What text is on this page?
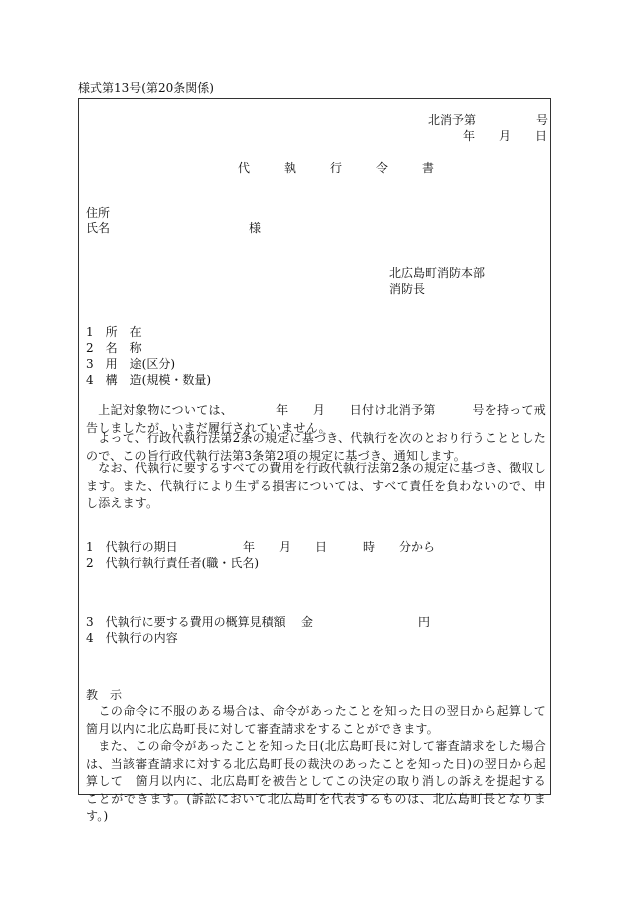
様式第13号(第20条関係)
北消予第　　　　　号
年　　月　　日
代	執	行	令	書
住所
氏名	様
北広島町消防本部
消防長
1　所　在
2　名　称
3　用　途(区分)
4　構　造(規模・数量)
　上記対象物については、　　　　年　　月　　日付け北消予第　　　号を持って戒告しましたが、いまだ履行されていません。
　よって、行政代執行法第2条の規定に基づき、代執行を次のとおり行うこととしたので、この旨行政代執行法第3条第2項の規定に基づき、通知します。
　なお、代執行に要するすべての費用を行政代執行法第2条の規定に基づき、徴収します。また、代執行により生ずる損害については、すべて責任を負わないので、申し添えます。
1　代執行の期日	年　　月　　日　　　時　　分から
2　代執行執行責任者(職・氏名)
3　代執行に要する費用の概算見積額 金	円
4　代執行の内容
教　示
　この命令に不服のある場合は、命令があったことを知った日の翌日から起算して　箇月以内に北広島町長に対して審査請求をすることができます。
　また、この命令があったことを知った日(北広島町長に対して審査請求をした場合は、当該審査請求に対する北広島町長の裁決のあったことを知った日)の翌日から起算して　箇月以内に、北広島町を被告としてこの決定の取り消しの訴えを提起することができます。(訴訟において北広島町を代表するものは、北広島町長となります。)
